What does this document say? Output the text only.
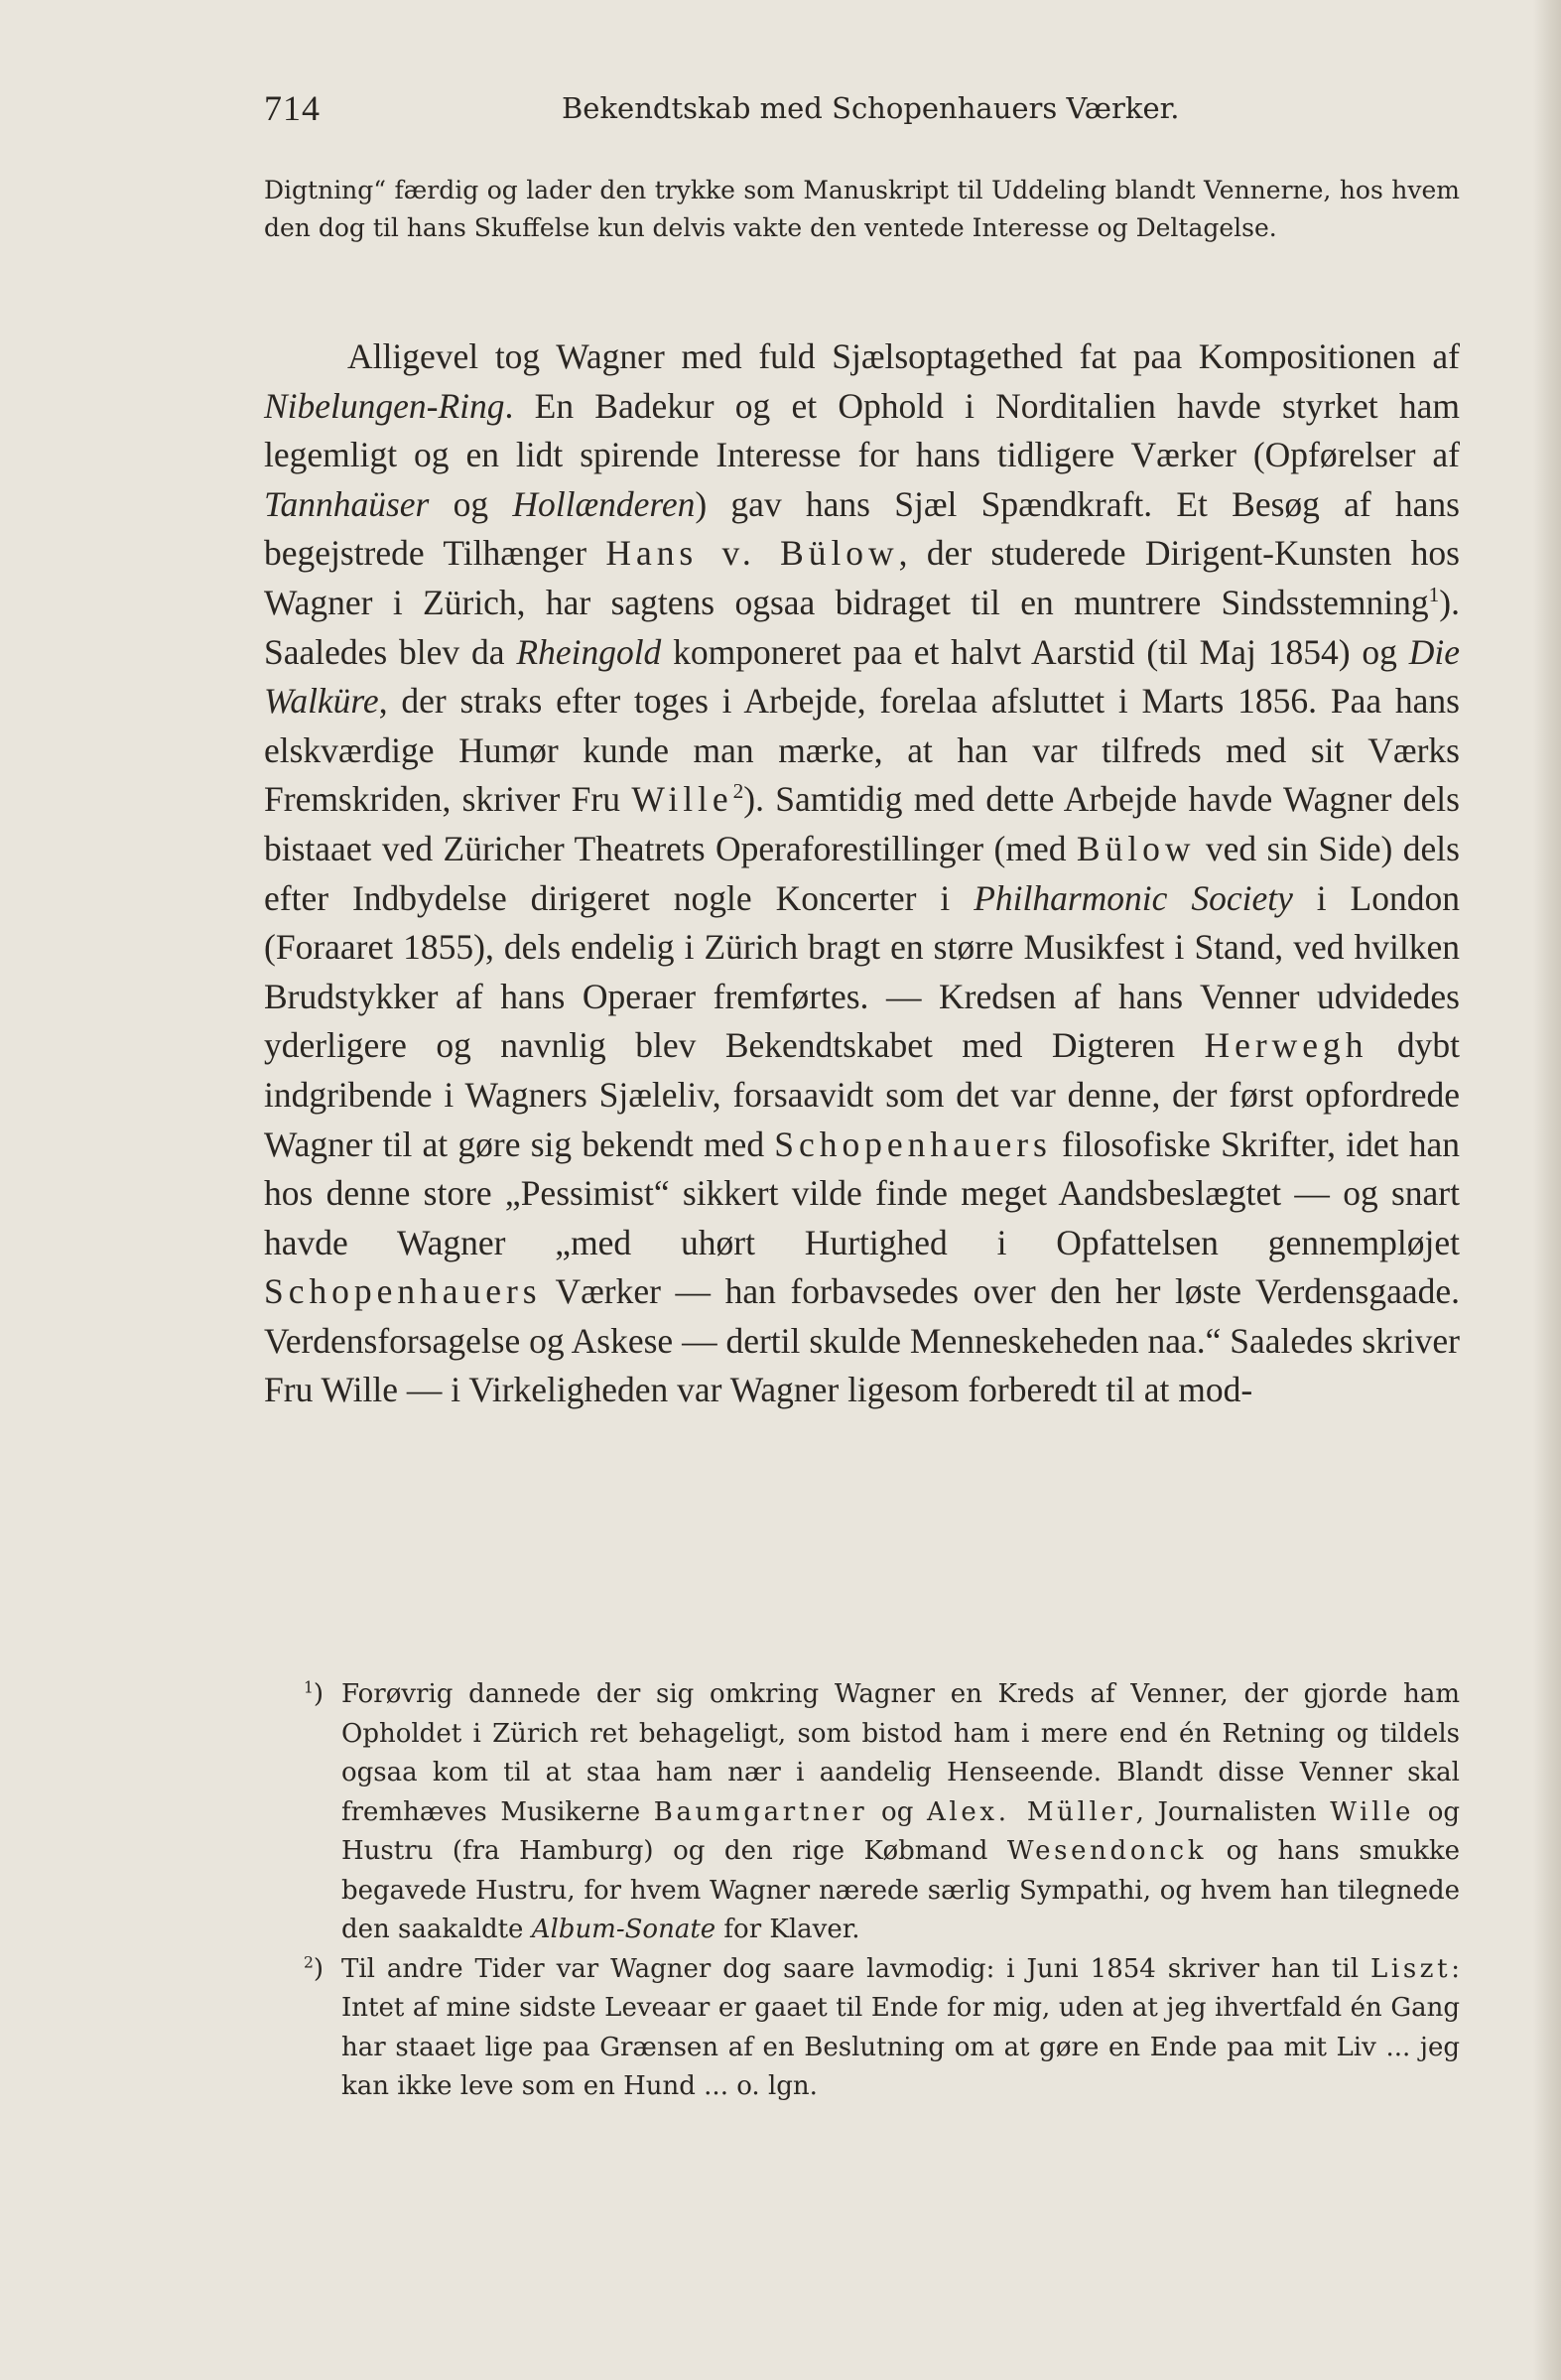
714	Bekendtskab med Schopenhauers Værker.
Digtning“ færdig og lader den trykke som Manuskript til Uddeling blandt Vennerne, hos hvem den dog til hans Skuffelse kun delvis vakte den ventede Interesse og Deltagelse.

Alligevel tog Wagner med fuld Sjælsoptagethed fat paa Kompositionen af Nibelungen-Ring. En Badekur og et Ophold i Norditalien havde styrket ham legemligt og en lidt spirende Interesse for hans tidligere Værker (Opførelser af Tannhaüser og Hollænderen) gav hans Sjæl Spændkraft. Et Besøg af hans begejstrede Tilhænger Hans v. Bülow, der studerede Dirigent-Kunsten hos Wagner i Zürich, har sagtens ogsaa bidraget til en muntrere Sindsstemning$^1$). Saaledes blev da Rheingold komponeret paa et halvt Aarstid (til Maj 1854) og Die Walküre, der straks efter toges i Arbejde, forelaa afsluttet i Marts 1856. Paa hans elskværdige Humør kunde man mærke, at han var tilfreds med sit Værks Fremskriden, skriver Fru Wille$^2$). Samtidig med dette Arbejde havde Wagner dels bistaaet ved Züricher Theatrets Operaforestillinger (med Bülow ved sin Side) dels efter Indbydelse dirigeret nogle Koncerter i Philharmonic Society i London (Foraaret 1855), dels endelig i Zürich bragt en større Musikfest i Stand, ved hvilken Brudstykker af hans Operaer fremførtes. — Kredsen af hans Venner udvidedes yderligere og navnlig blev Bekendtskabet med Digteren Herwegh dybt indgribende i Wagners Sjæleliv, forsaavidt som det var denne, der først opfordrede Wagner til at gøre sig bekendt med Schopenhauers filosofiske Skrifter, idet han hos denne store „Pessimist“ sikkert vilde finde meget Aandsbeslægtet — og snart havde Wagner „med uhørt Hurtighed i Opfattelsen gennempløjet Schopenhauers Værker — han forbavsedes over den her løste Verdensgaade. Verdensforsagelse og Askese — dertil skulde Menneskeheden naa.“ Saaledes skriver Fru Wille — i Virkeligheden var Wagner ligesom forberedt til at mod-

$^1$) Forøvrig dannede der sig omkring Wagner en Kreds af Venner, der gjorde ham Opholdet i Zürich ret behageligt, som bistod ham i mere end én Retning og tildels ogsaa kom til at staa ham nær i aandelig Henseende. Blandt disse Venner skal fremhæves Musikerne Baumgartner og Alex. Müller, Journalisten Wille og Hustru (fra Hamburg) og den rige Købmand Wesendonck og hans smukke begavede Hustru, for hvem Wagner nærede særlig Sympathi, og hvem han tilegnede den saakaldte Album-Sonate for Klaver.

$^2$) Til andre Tider var Wagner dog saare lavmodig: i Juni 1854 skriver han til Liszt: Intet af mine sidste Leveaar er gaaet til Ende for mig, uden at jeg ihvertfald én Gang har staaet lige paa Grænsen af en Beslutning om at gøre en Ende paa mit Liv ... jeg kan ikke leve som en Hund ... o. lgn.
